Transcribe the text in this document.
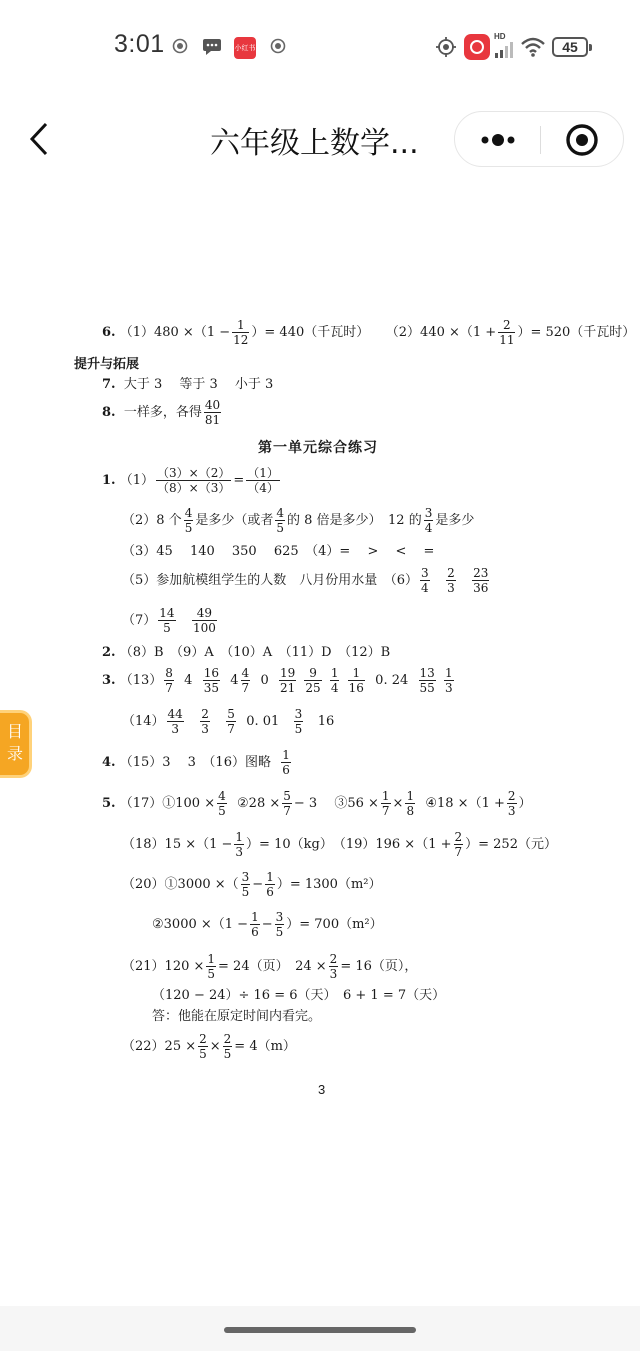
3:01	小红书
HD
45
六年级上数学...
6. $(1)480 \times(1 - \frac{1}{12}$ ）= 440（千瓦时） $(2)440 \times(1 + \frac{2}{11}$ ）= 520（千瓦时）
提升与拓展
7. 大于 3　 等于 3　 小于 3
8. 一样多，各得 $\frac{40}{81}$
第一单元综合练习
1. $(1) \frac{(3)\times(2)}{(8)\times(3)} = \frac{(1)}{(4)}$
（2）8 个 $\frac{4}{5}$ 是多少（或者 $\frac{4}{5}$ 的 8 倍是多少）　12 的 $\frac{3}{4}$ 是多少
（3）45　 140　 350　 625　（4）=　 >　 <　 =
（5）参加航模组学生的人数　八月份用水量　$(6) \frac{3}{4}$
$\frac{2}{3}$
$\frac{23}{36}$
$(7) \frac{14}{5}$
$\frac{49}{100}$
2. （8）B　（9）A　（10）A　（11）D　（12）B
3. $(13) \frac{8}{7} 4 \frac{16}{35} 4 \frac{4}{7} 0 \frac{19}{21}$
$\frac{9}{25}$
$\frac{1}{4}$
$\frac{1}{16} 0$. $24 \frac{13}{55}$
$\frac{1}{3}$
$(14) \frac{44}{3}$
$\frac{2}{3}$
$\frac{5}{7} 0$. $01 \frac{3}{5} 16$
4. （15）3　 3　（16）图略 $\frac{1}{6}$
5. （17）①100 × $\frac{4}{5}$ ②28 × $\frac{5}{7} - 3$　 ③56 × $\frac{1}{7} \times \frac{1}{8}$ ④18 $\times(1 + \frac{2}{3}$ ）
$(18)15 \times(1 - \frac{1}{3}$ ）= 10（kg）　$(19)196 \times(1 + \frac{2}{7}$ ）= 252（元）
（20）①3000 ×（ $\frac{3}{5} - \frac{1}{6}$ ）= 1300（m²）
②3000 $\times(1 - \frac{1}{6} - \frac{3}{5}$ ）= 700（m²）
$(21)120 \times \frac{1}{5} = 24$（页）　$24 \times \frac{2}{3} = 16$（页），
（120 − 24）÷ 16 = 6（天）　6 + 1 = 7（天）
答：他能在原定时间内看完。
$(22)25 \times \frac{2}{5} \times \frac{2}{5} = 4(m)$
3
目录
